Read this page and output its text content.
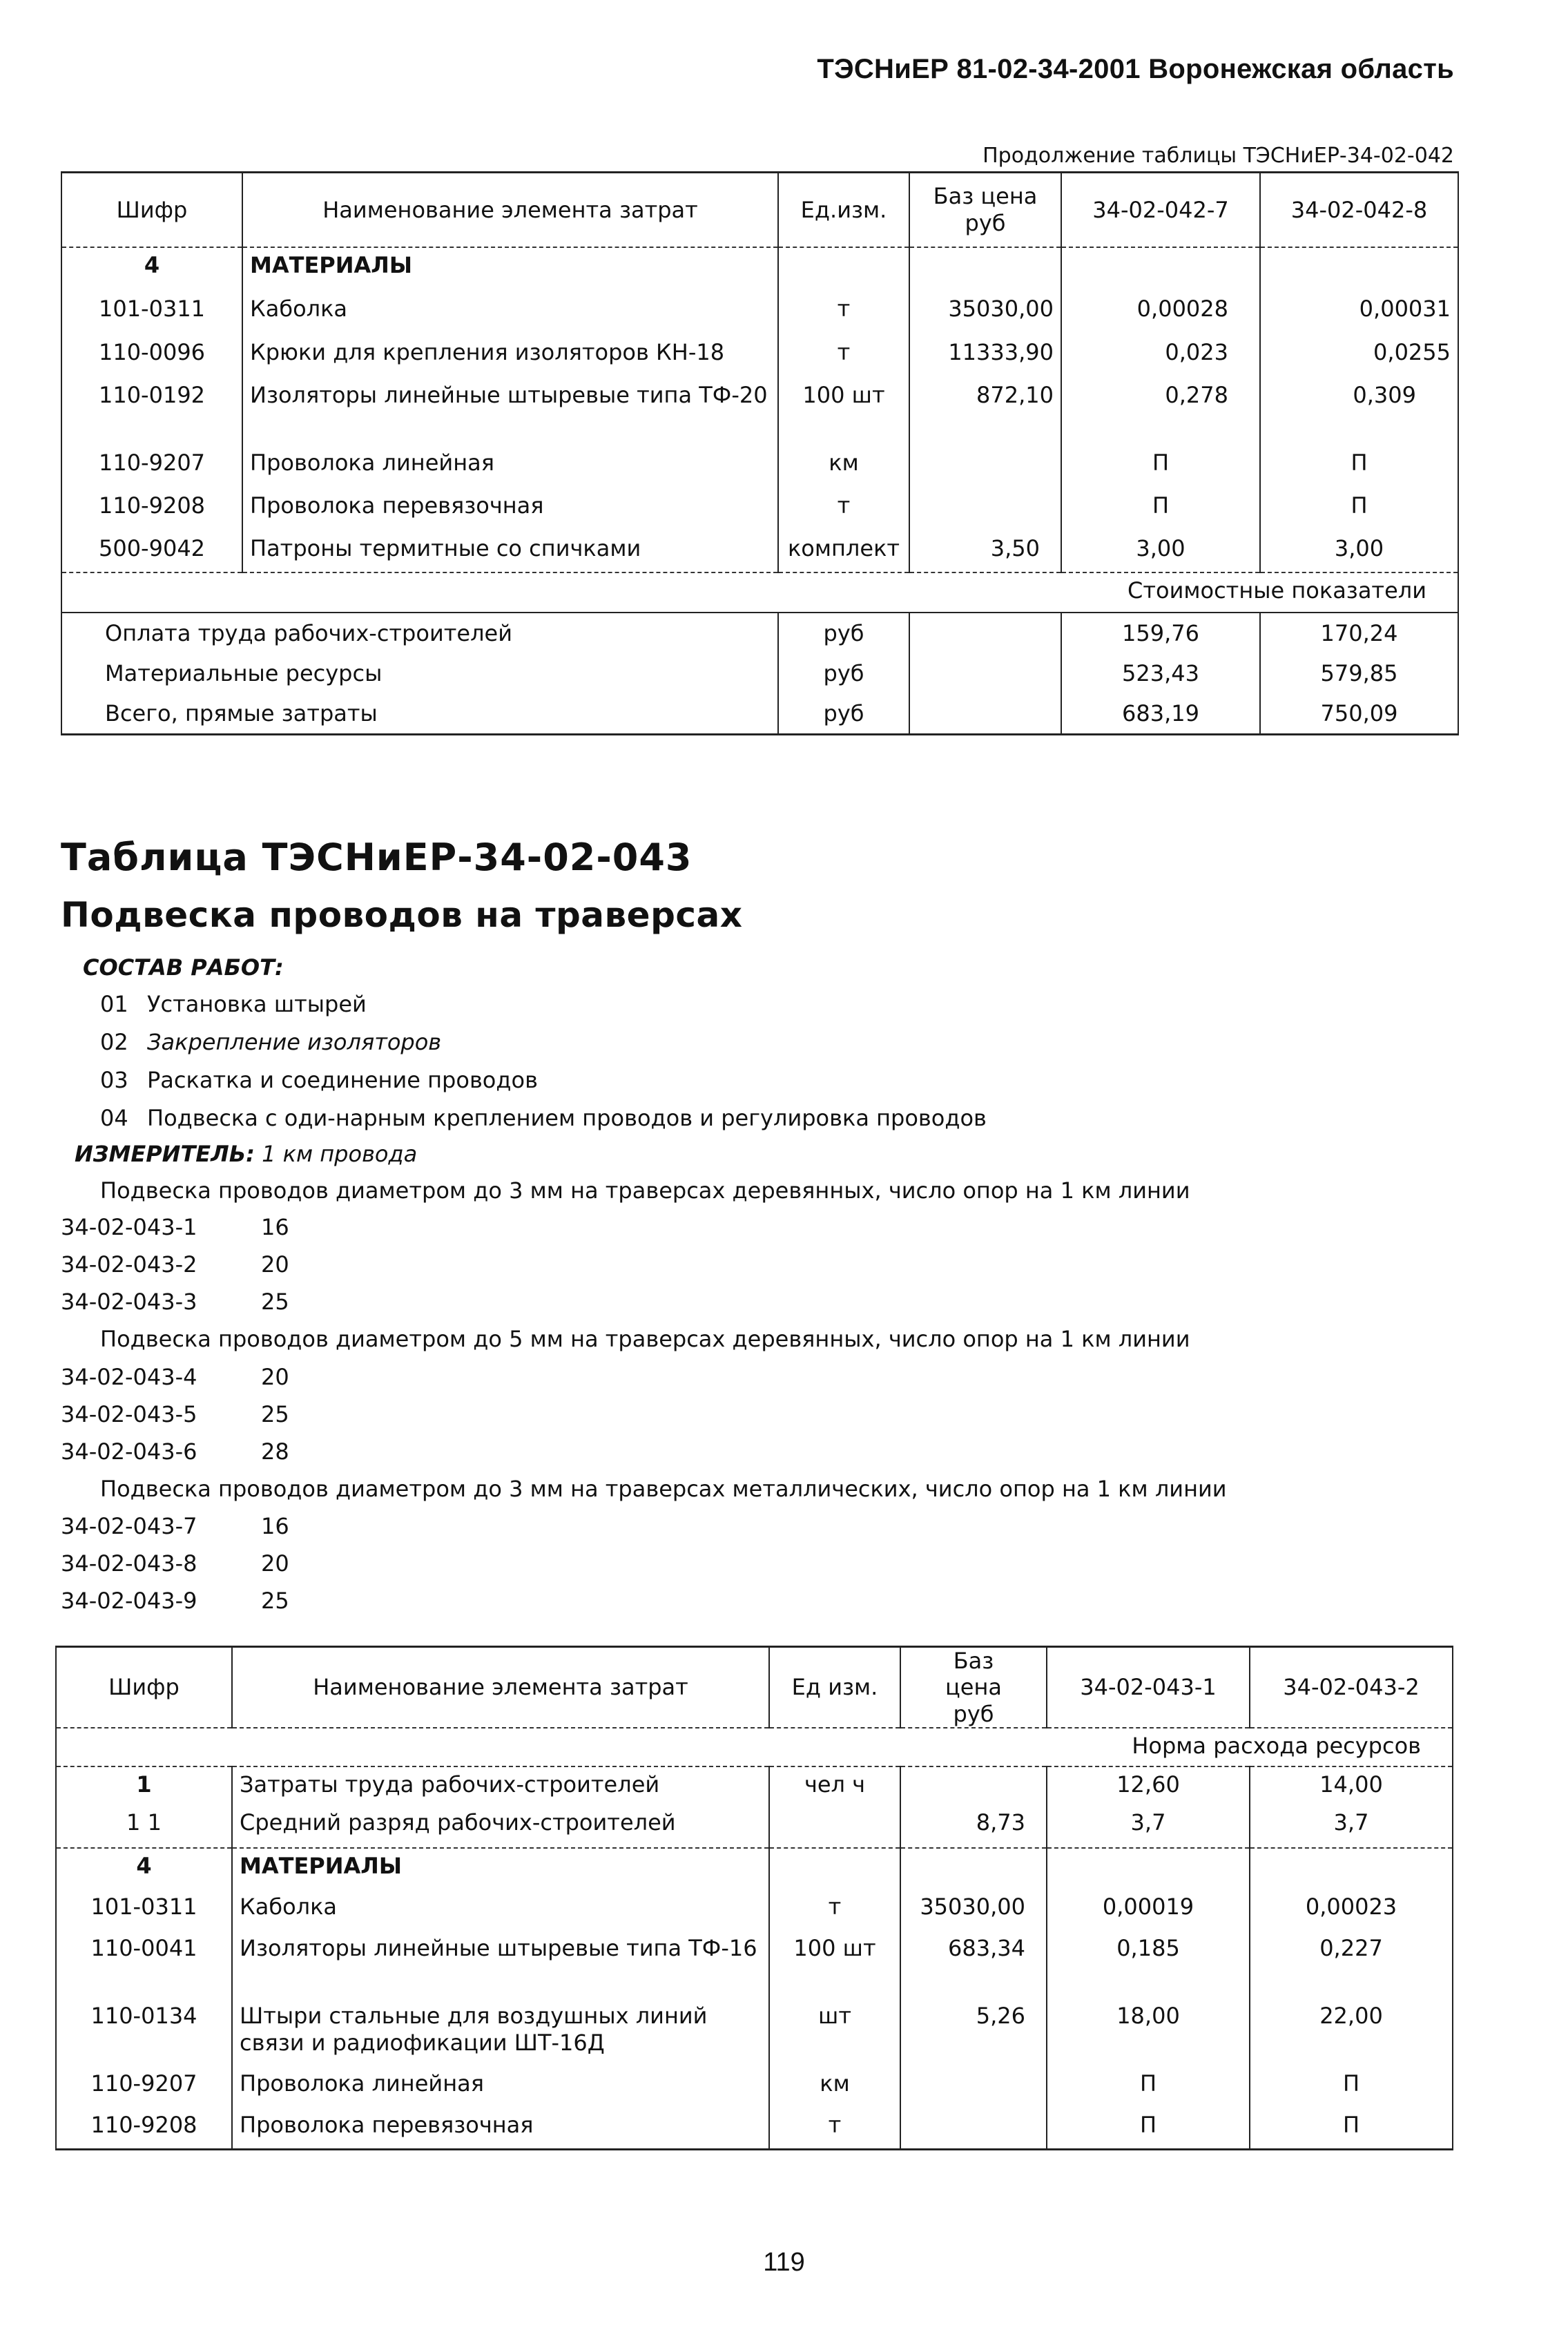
ТЭСНиЕР 81-02-34-2001 Воронежская область
Продолжение таблицы ТЭСНиЕР-34-02-042
Шифр	Наименование элемента затрат	Ед.изм.	Баз цена руб	34-02-042-7	34-02-042-8
4	МАТЕРИАЛЫ				
101-0311	Каболка	т	35030,00	0,00028	0,00031
110-0096	Крюки для крепления изоляторов КН-18	т	11333,90	0,023	0,0255
110-0192	Изоляторы линейные штыревые типа ТФ-20	100 шт	872,10	0,278	0,309
110-9207	Проволока линейная	км		П	П
110-9208	Проволока перевязочная	т		П	П
500-9042	Патроны термитные со спичками	комплект	3,50	3,00	3,00
Стоимостные показатели					
Оплата труда рабочих-строителей		руб		159,76	170,24
Материальные ресурсы		руб		523,43	579,85
Всего, прямые затраты		руб		683,19	750,09
Таблица ТЭСНиЕР-34-02-043
Подвеска проводов на траверсах
СОСТАВ РАБОТ:
01 Установка штырей
02 Закрепление изоляторов
03 Раскатка и соединение проводов
04 Подвеска с оди-нарным креплением проводов и регулировка проводов
ИЗМЕРИТЕЛЬ: 1 км провода
Подвеска проводов диаметром до 3 мм на траверсах деревянных, число опор на 1 км линии
34-02-043-1	16
34-02-043-2	20
34-02-043-3	25
Подвеска проводов диаметром до 5 мм на траверсах деревянных, число опор на 1 км линии
34-02-043-4	20
34-02-043-5	25
34-02-043-6	28
Подвеска проводов диаметром до 3 мм на траверсах металлических, число опор на 1 км линии
34-02-043-7	16
34-02-043-8	20
34-02-043-9	25
Шифр	Наименование элемента затрат	Ед изм.	Баз цена руб	34-02-043-1	34-02-043-2
Норма расхода ресурсов					
1	Затраты труда рабочих-строителей	чел ч		12,60	14,00
1 1	Средний разряд рабочих-строителей		8,73	3,7	3,7
4	МАТЕРИАЛЫ				
101-0311	Каболка	т	35030,00	0,00019	0,00023
110-0041	Изоляторы линейные штыревые типа ТФ-16	100 шт	683,34	0,185	0,227
110-0134	Штыри стальные для воздушных линий связи и радиофикации ШТ-16Д	шт	5,26	18,00	22,00
110-9207	Проволока линейная	км		П	П
110-9208	Проволока перевязочная	т		П	П
119
